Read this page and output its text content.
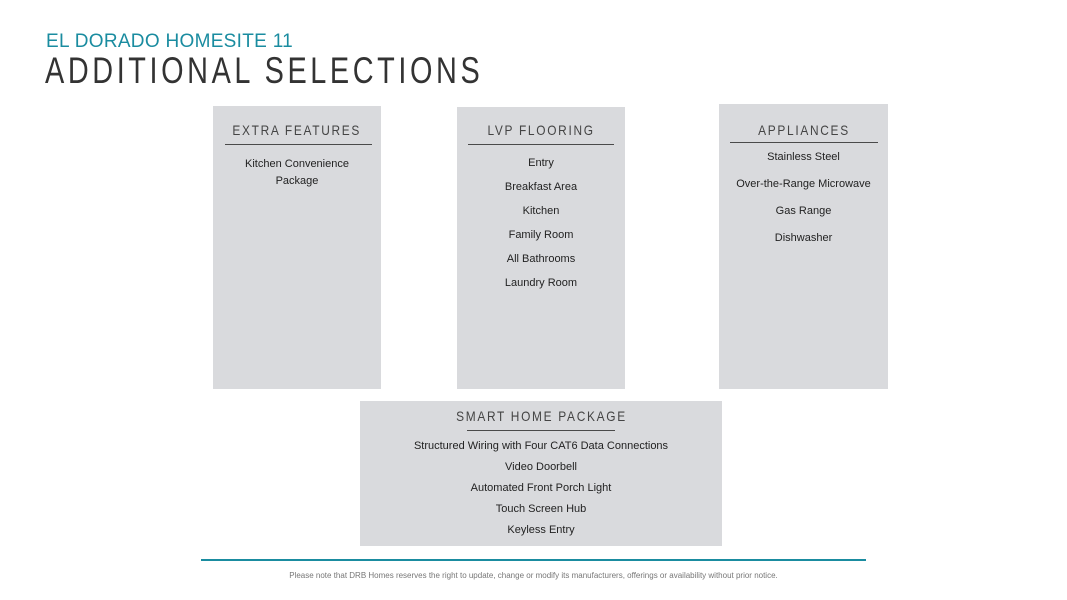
EL DORADO HOMESITE 11
ADDITIONAL SELECTIONS
EXTRA FEATURES
Kitchen Convenience
Package
LVP FLOORING
Entry
Breakfast Area
Kitchen
Family Room
All Bathrooms
Laundry Room
APPLIANCES
Stainless Steel
Over-the-Range Microwave
Gas Range
Dishwasher
SMART HOME PACKAGE
Structured Wiring with Four CAT6 Data Connections
Video Doorbell
Automated Front Porch Light
Touch Screen Hub
Keyless Entry
Please note that DRB Homes reserves the right to update, change or modify its manufacturers, offerings or availability without prior notice.
